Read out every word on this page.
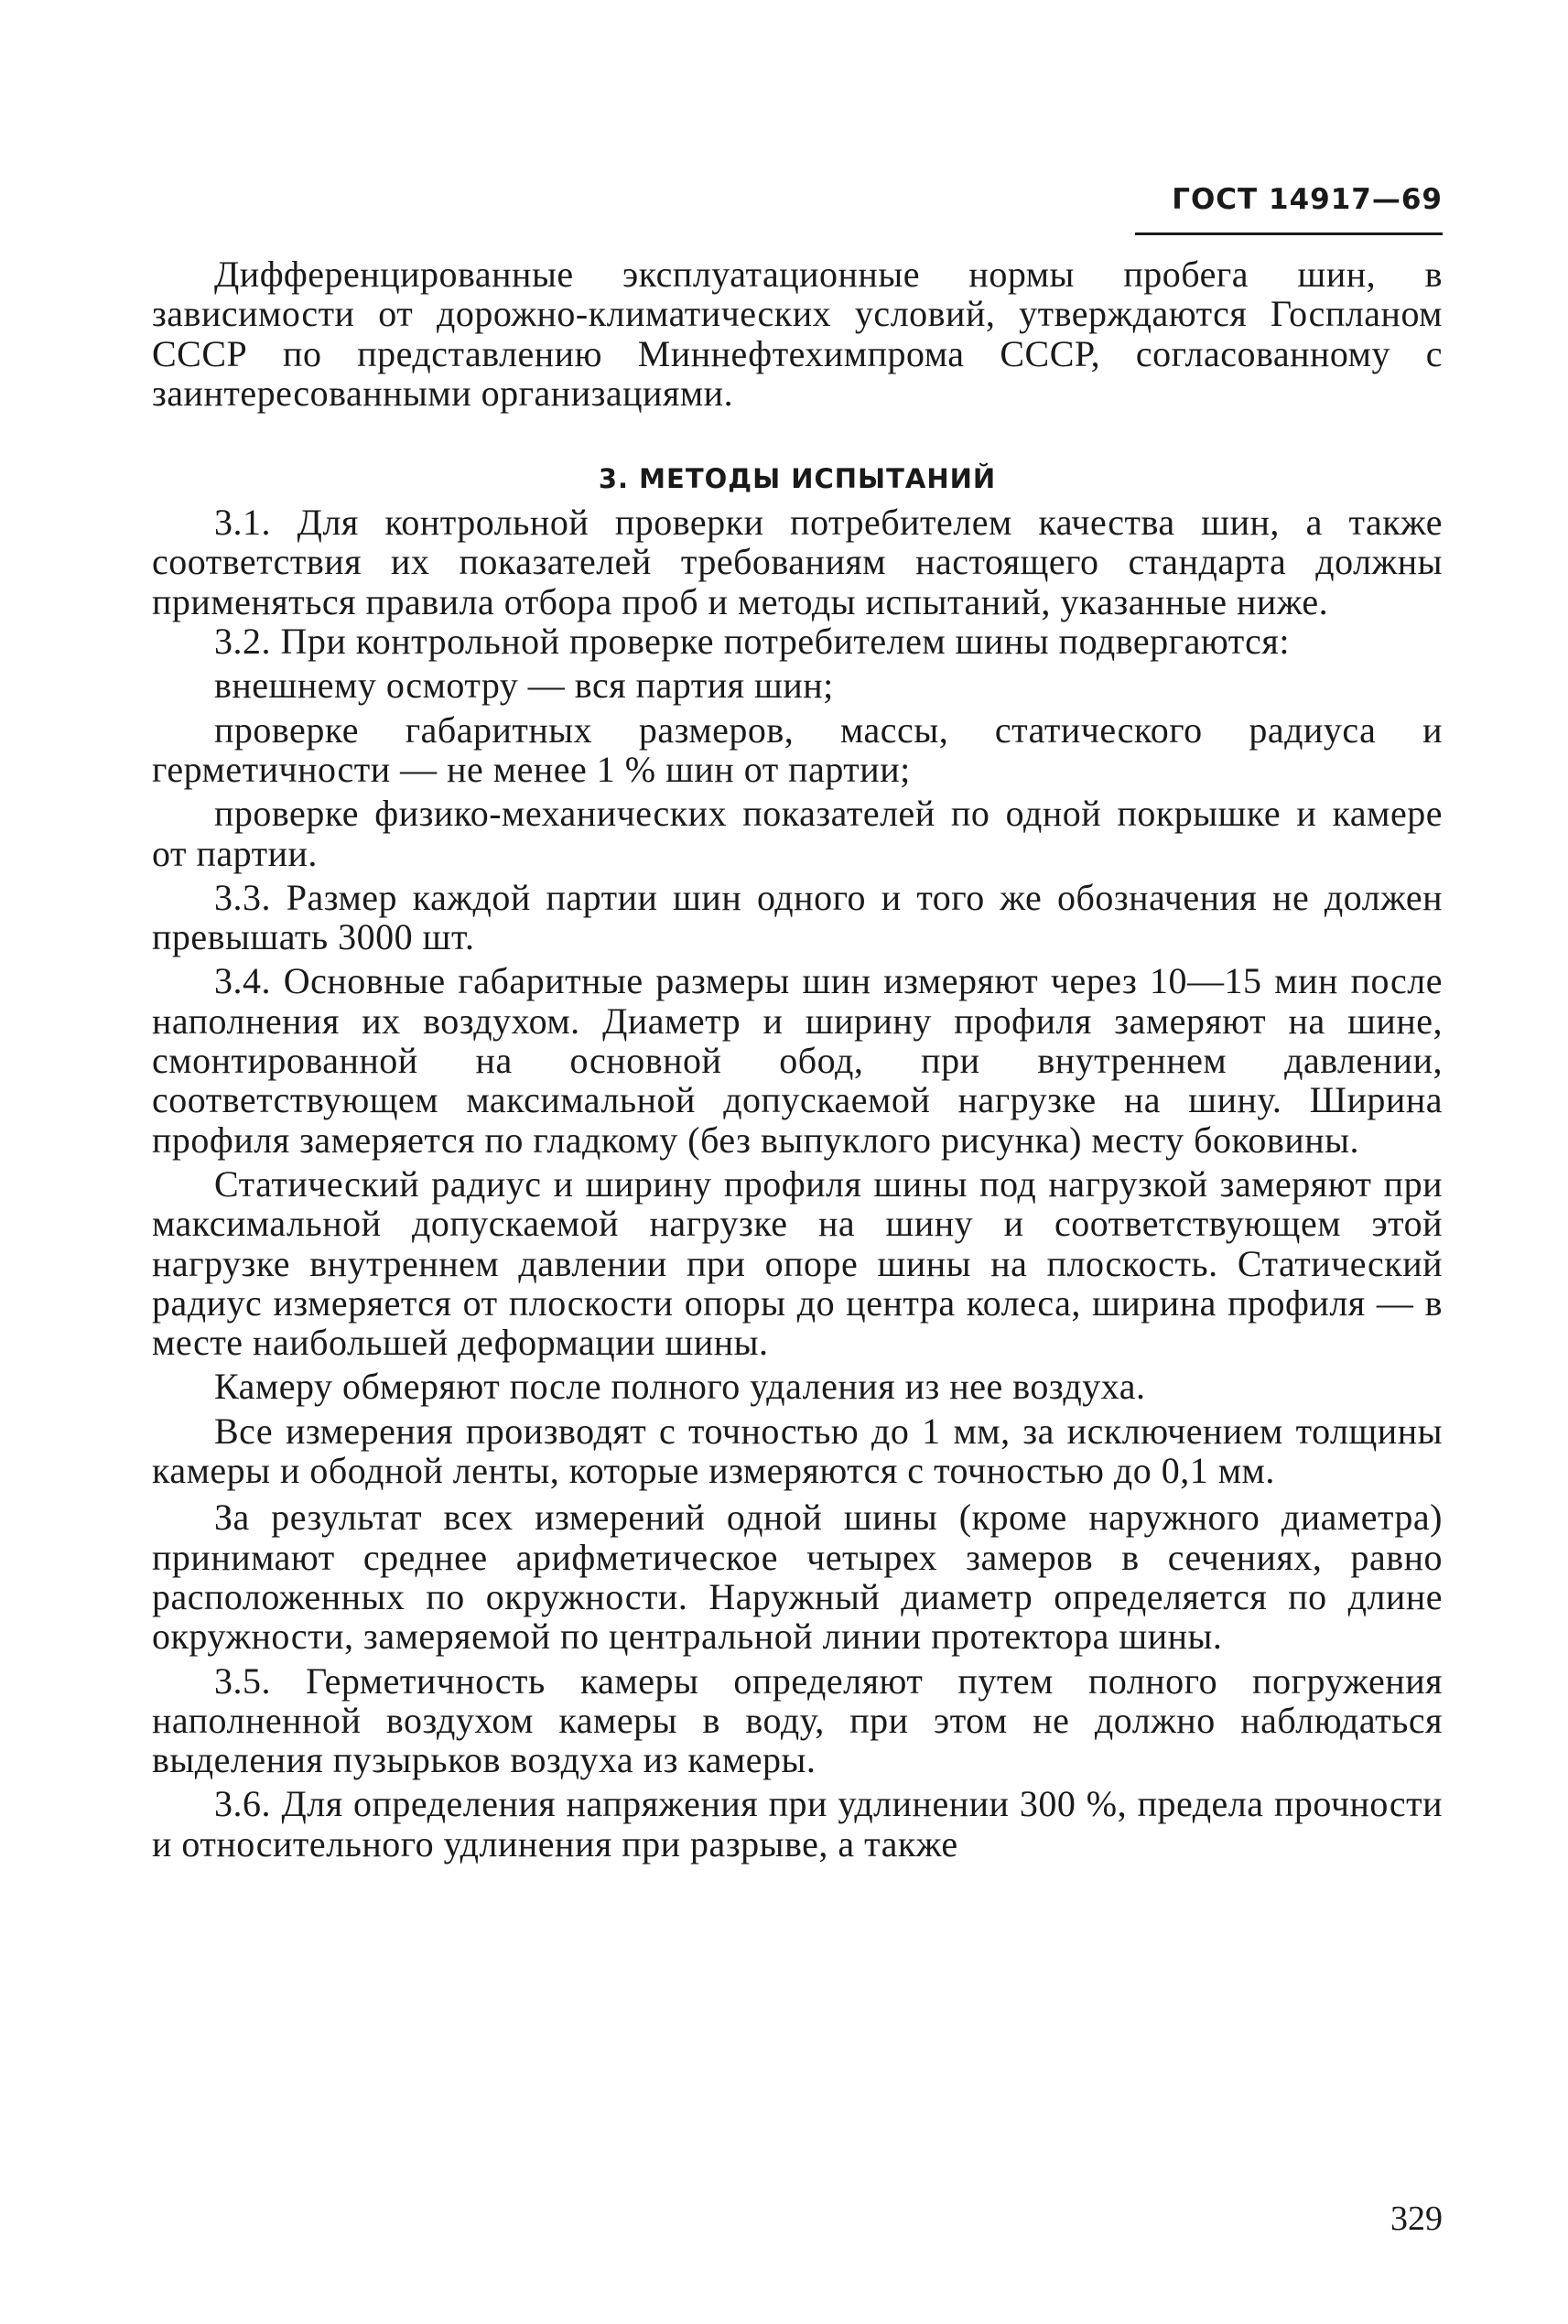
ГОСТ 14917—69

Дифференцированные эксплуатационные нормы пробега шин, в зависимости от дорожно-климатических условий, утверждаются Госпланом СССР по представлению Миннефтехимпрома СССР, согласованному с заинтересованными организациями.

3. МЕТОДЫ ИСПЫТАНИЙ

3.1. Для контрольной проверки потребителем качества шин, а также соответствия их показателей требованиям настоящего стандарта должны применяться правила отбора проб и методы испытаний, указанные ниже.

3.2. При контрольной проверке потребителем шины подвергаются:

внешнему осмотру — вся партия шин;

проверке габаритных размеров, массы, статического радиуса и герметичности — не менее 1 % шин от партии;

проверке физико-механических показателей по одной покрышке и камере от партии.

3.3. Размер каждой партии шин одного и того же обозначения не должен превышать 3000 шт.

3.4. Основные габаритные размеры шин измеряют через 10—15 мин после наполнения их воздухом. Диаметр и ширину профиля замеряют на шине, смонтированной на основной обод, при внутреннем давлении, соответствующем максимальной допускаемой нагрузке на шину. Ширина профиля замеряется по гладкому (без выпуклого рисунка) месту боковины.

Статический радиус и ширину профиля шины под нагрузкой замеряют при максимальной допускаемой нагрузке на шину и соответствующем этой нагрузке внутреннем давлении при опоре шины на плоскость. Статический радиус измеряется от плоскости опоры до центра колеса, ширина профиля — в месте наибольшей деформации шины.

Камеру обмеряют после полного удаления из нее воздуха.

Все измерения производят с точностью до 1 мм, за исключением толщины камеры и ободной ленты, которые измеряются с точностью до 0,1 мм.

За результат всех измерений одной шины (кроме наружного диаметра) принимают среднее арифметическое четырех замеров в сечениях, равно расположенных по окружности. Наружный диаметр определяется по длине окружности, замеряемой по центральной линии протектора шины.

3.5. Герметичность камеры определяют путем полного погружения наполненной воздухом камеры в воду, при этом не должно наблюдаться выделения пузырьков воздуха из камеры.

3.6. Для определения напряжения при удлинении 300 %, предела прочности и относительного удлинения при разрыве, а также

329
